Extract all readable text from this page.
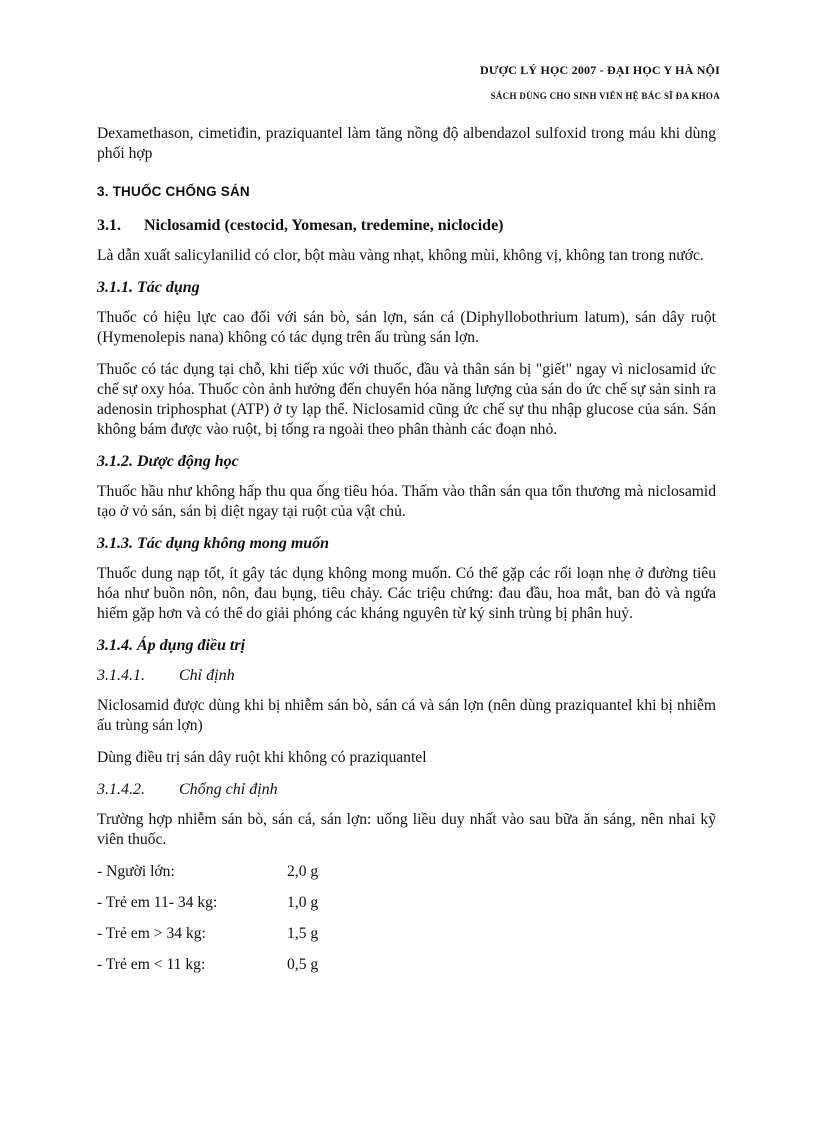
DƯỢC LÝ HỌC 2007 - ĐẠI HỌC Y HÀ NỘI
SÁCH DÙNG CHO SINH VIÊN HỆ BÁC SĨ ĐA KHOA

Dexamethason, cimetiđin, praziquantel làm tăng nồng độ albendazol sulfoxid trong máu khi dùng phối hợp

3. THUỐC CHỐNG SÁN
3.1. Niclosamid (cestocid, Yomesan, tredemine, niclocide)

Là dẫn xuất salicylanilid có clor, bột màu vàng nhạt, không mùi, không vị, không tan trong nước.

3.1.1. Tác dụng

Thuốc có hiệu lực cao đối với sán bò, sán lợn, sán cá (Diphyllobothrium latum), sán dây ruột (Hymenolepis nana) không có tác dụng trên ấu trùng sán lợn.

Thuốc có tác dụng tại chỗ, khi tiếp xúc với thuốc, đầu và thân sán bị "giết" ngay vì niclosamid ức chế sự oxy hóa. Thuốc còn ảnh hưởng đến chuyển hóa năng lượng của sán do ức chế sự sản sinh ra adenosin triphosphat (ATP) ở ty lạp thể. Niclosamid cũng ức chế sự thu nhập glucose của sán. Sán không bám được vào ruột, bị tống ra ngoài theo phân thành các đoạn nhỏ.

3.1.2. Dược động học

Thuốc hầu như không hấp thu qua ống tiêu hóa. Thấm vào thân sán qua tổn thương mà niclosamid tạo ở vỏ sán, sán bị diệt ngay tại ruột của vật chủ.

3.1.3. Tác dụng không mong muốn

Thuốc dung nạp tốt, ít gây tác dụng không mong muốn. Có thể gặp các rối loạn nhẹ ở đường tiêu hóa như buồn nôn, nôn, đau bụng, tiêu chảy. Các triệu chứng: đau đầu, hoa mắt, ban đỏ và ngứa hiếm gặp hơn và có thể do giải phóng các kháng nguyên từ ký sinh trùng bị phân huỷ.

3.1.4. Áp dụng điều trị
3.1.4.1. Chỉ định

Niclosamid được dùng khi bị nhiễm sán bò, sán cá và sán lợn (nên dùng praziquantel khi bị nhiễm ấu trùng sán lợn)

Dùng điều trị sán dây ruột khi không có praziquantel

3.1.4.2. Chống chỉ định

Trường hợp nhiễm sán bò, sán cá, sán lợn: uống liều duy nhất vào sau bữa ăn sáng, nên nhai kỹ viên thuốc.

- Người lớn:	2,0 g
- Trẻ em 11- 34 kg:	1,0 g
- Trẻ em > 34 kg:	1,5 g
- Trẻ em < 11 kg:	0,5 g
